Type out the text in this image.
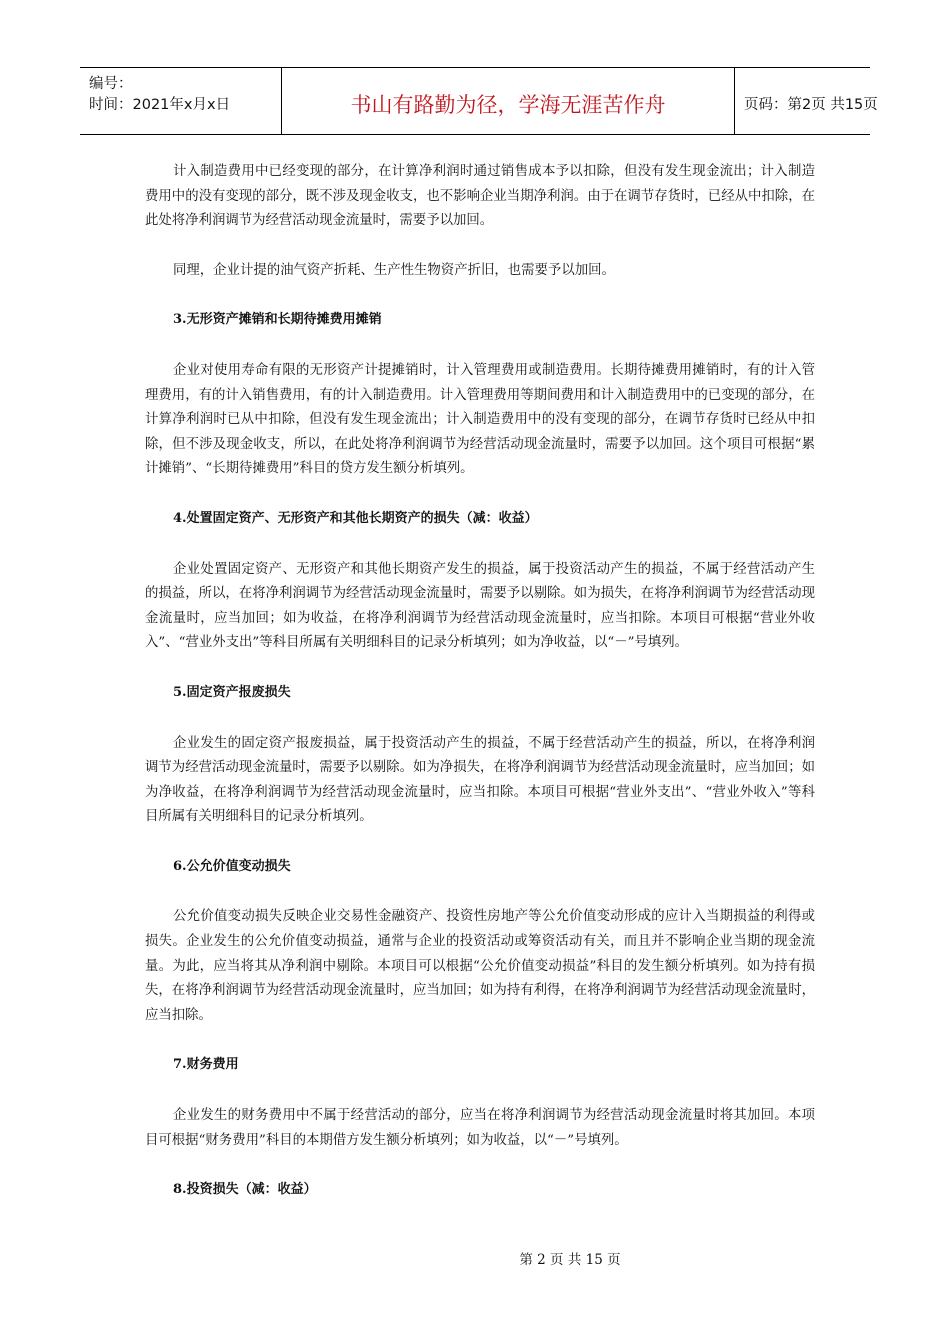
编号：
时间：2021年x月x日	书山有路勤为径，学海无涯苦作舟	页码：第2页 共15页

计入制造费用中已经变现的部分，在计算净利润时通过销售成本予以扣除，但没有发生现金流出；计入制造费用中的没有变现的部分，既不涉及现金收支，也不影响企业当期净利润。由于在调节存货时，已经从中扣除，在此处将净利润调节为经营活动现金流量时，需要予以加回。

同理，企业计提的油气资产折耗、生产性生物资产折旧，也需要予以加回。

3.无形资产摊销和长期待摊费用摊销

企业对使用寿命有限的无形资产计提摊销时，计入管理费用或制造费用。长期待摊费用摊销时，有的计入管理费用，有的计入销售费用，有的计入制造费用。计入管理费用等期间费用和计入制造费用中的已变现的部分，在计算净利润时已从中扣除，但没有发生现金流出；计入制造费用中的没有变现的部分，在调节存货时已经从中扣除，但不涉及现金收支，所以，在此处将净利润调节为经营活动现金流量时，需要予以加回。这个项目可根据“累计摊销”、“长期待摊费用”科目的贷方发生额分析填列。

4.处置固定资产、无形资产和其他长期资产的损失（减：收益）

企业处置固定资产、无形资产和其他长期资产发生的损益，属于投资活动产生的损益，不属于经营活动产生的损益，所以，在将净利润调节为经营活动现金流量时，需要予以剔除。如为损失，在将净利润调节为经营活动现金流量时，应当加回；如为收益，在将净利润调节为经营活动现金流量时，应当扣除。本项目可根据“营业外收入”、“营业外支出”等科目所属有关明细科目的记录分析填列；如为净收益，以“－”号填列。

5.固定资产报废损失

企业发生的固定资产报废损益，属于投资活动产生的损益，不属于经营活动产生的损益，所以，在将净利润调节为经营活动现金流量时，需要予以剔除。如为净损失，在将净利润调节为经营活动现金流量时，应当加回；如为净收益，在将净利润调节为经营活动现金流量时，应当扣除。本项目可根据“营业外支出”、“营业外收入”等科目所属有关明细科目的记录分析填列。

6.公允价值变动损失

公允价值变动损失反映企业交易性金融资产、投资性房地产等公允价值变动形成的应计入当期损益的利得或损失。企业发生的公允价值变动损益，通常与企业的投资活动或筹资活动有关，而且并不影响企业当期的现金流量。为此，应当将其从净利润中剔除。本项目可以根据“公允价值变动损益”科目的发生额分析填列。如为持有损失，在将净利润调节为经营活动现金流量时，应当加回；如为持有利得，在将净利润调节为经营活动现金流量时，应当扣除。

7.财务费用

企业发生的财务费用中不属于经营活动的部分，应当在将净利润调节为经营活动现金流量时将其加回。本项目可根据“财务费用”科目的本期借方发生额分析填列；如为收益，以“－”号填列。

8.投资损失（减：收益）
第 2 页 共 15 页
